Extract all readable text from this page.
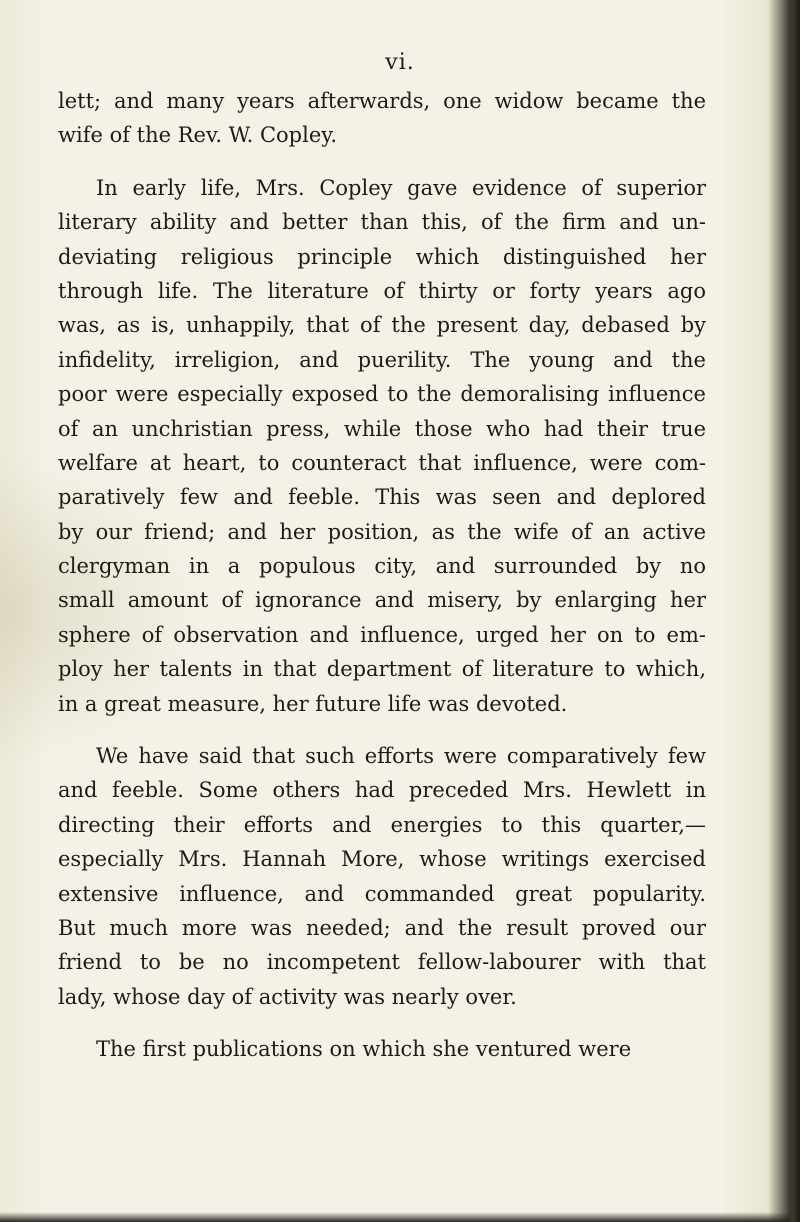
vi.
lett; and many years afterwards, one widow became the
wife of the Rev. W. Copley.
In early life, Mrs. Copley gave evidence of superior
literary ability and better than this, of the firm and un-
deviating religious principle which distinguished her
through life. The literature of thirty or forty years ago
was, as is, unhappily, that of the present day, debased by
infidelity, irreligion, and puerility. The young and the
poor were especially exposed to the demoralising influence
of an unchristian press, while those who had their true
welfare at heart, to counteract that influence, were com-
paratively few and feeble. This was seen and deplored
by our friend; and her position, as the wife of an active
clergyman in a populous city, and surrounded by no
small amount of ignorance and misery, by enlarging her
sphere of observation and influence, urged her on to em-
ploy her talents in that department of literature to which,
in a great measure, her future life was devoted.
We have said that such efforts were comparatively few
and feeble. Some others had preceded Mrs. Hewlett in
directing their efforts and energies to this quarter,—
especially Mrs. Hannah More, whose writings exercised
extensive influence, and commanded great popularity.
But much more was needed; and the result proved our
friend to be no incompetent fellow-labourer with that
lady, whose day of activity was nearly over.
The first publications on which she ventured were
